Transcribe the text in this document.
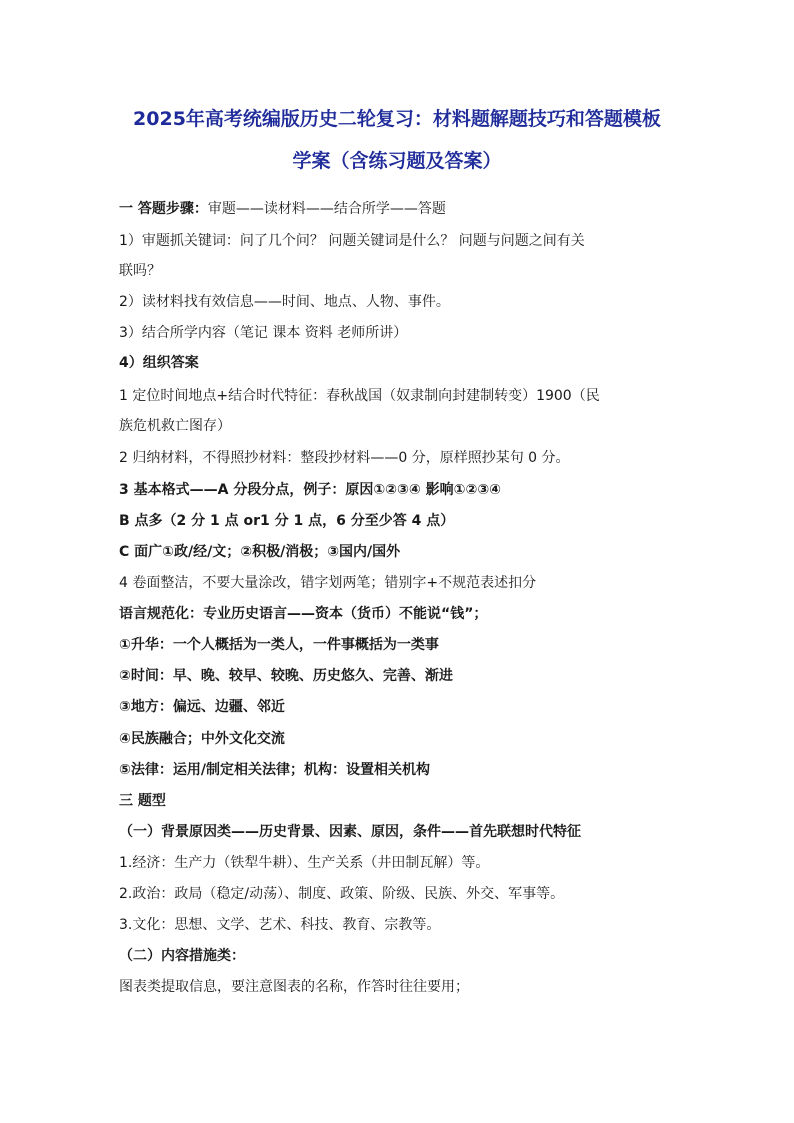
2025年高考统编版历史二轮复习：材料题解题技巧和答题模板
学案（含练习题及答案）
一 答题步骤：审题——读材料——结合所学——答题
1）审题抓关键词：问了几个问？ 问题关键词是什么？ 问题与问题之间有关
联吗？
2）读材料找有效信息——时间、地点、人物、事件。
3）结合所学内容（笔记 课本 资料 老师所讲）
4）组织答案
1 定位时间地点+结合时代特征：春秋战国（奴隶制向封建制转变）1900（民
族危机救亡图存）
2 归纳材料，不得照抄材料：整段抄材料——0 分，原样照抄某句 0 分。
3 基本格式——A 分段分点，例子：原因①②③④ 影响①②③④
B 点多（2 分 1 点 or1 分 1 点，6 分至少答 4 点）
C 面广①政/经/文；②积极/消极；③国内/国外
4 卷面整洁，不要大量涂改，错字划两笔；错别字+不规范表述扣分
语言规范化：专业历史语言——资本（货币）不能说“钱”；
①升华：一个人概括为一类人，一件事概括为一类事
②时间：早、晚、较早、较晚、历史悠久、完善、渐进
③地方：偏远、边疆、邻近
④民族融合；中外文化交流
⑤法律：运用/制定相关法律；机构：设置相关机构
三 题型
（一）背景原因类——历史背景、因素、原因，条件——首先联想时代特征
1.经济：生产力（铁犁牛耕）、生产关系（井田制瓦解）等。
2.政治：政局（稳定/动荡）、制度、政策、阶级、民族、外交、军事等。
3.文化：思想、文学、艺术、科技、教育、宗教等。
（二）内容措施类：
图表类提取信息，要注意图表的名称，作答时往往要用；
